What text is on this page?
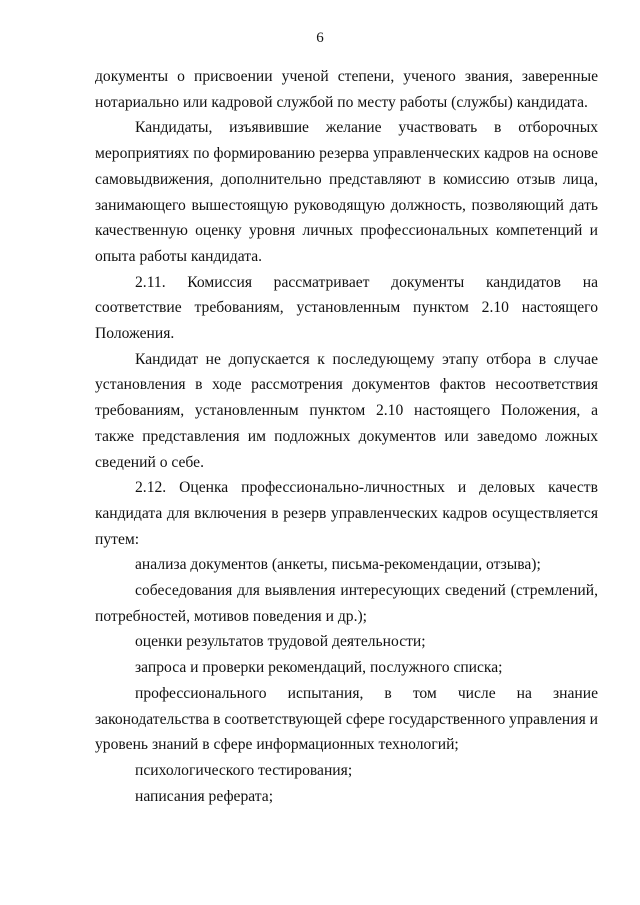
6

документы о присвоении ученой степени, ученого звания, заверенные нотариально или кадровой службой по месту работы (службы) кандидата.

Кандидаты, изъявившие желание участвовать в отборочных мероприятиях по формированию резерва управленческих кадров на основе самовыдвижения, дополнительно представляют в комиссию отзыв лица, занимающего вышестоящую руководящую должность, позволяющий дать качественную оценку уровня личных профессиональных компетенций и опыта работы кандидата.

2.11. Комиссия рассматривает документы кандидатов на соответствие требованиям, установленным пунктом 2.10 настоящего Положения.

Кандидат не допускается к последующему этапу отбора в случае установления в ходе рассмотрения документов фактов несоответствия требованиям, установленным пунктом 2.10 настоящего Положения, а также представления им подложных документов или заведомо ложных сведений о себе.

2.12. Оценка профессионально-личностных и деловых качеств кандидата для включения в резерв управленческих кадров осуществляется путем:

анализа документов (анкеты, письма-рекомендации, отзыва);

собеседования для выявления интересующих сведений (стремлений, потребностей, мотивов поведения и др.);

оценки результатов трудовой деятельности;

запроса и проверки рекомендаций, послужного списка;

профессионального испытания, в том числе на знание законодательства в соответствующей сфере государственного управления и уровень знаний в сфере информационных технологий;

психологического тестирования;

написания реферата;
